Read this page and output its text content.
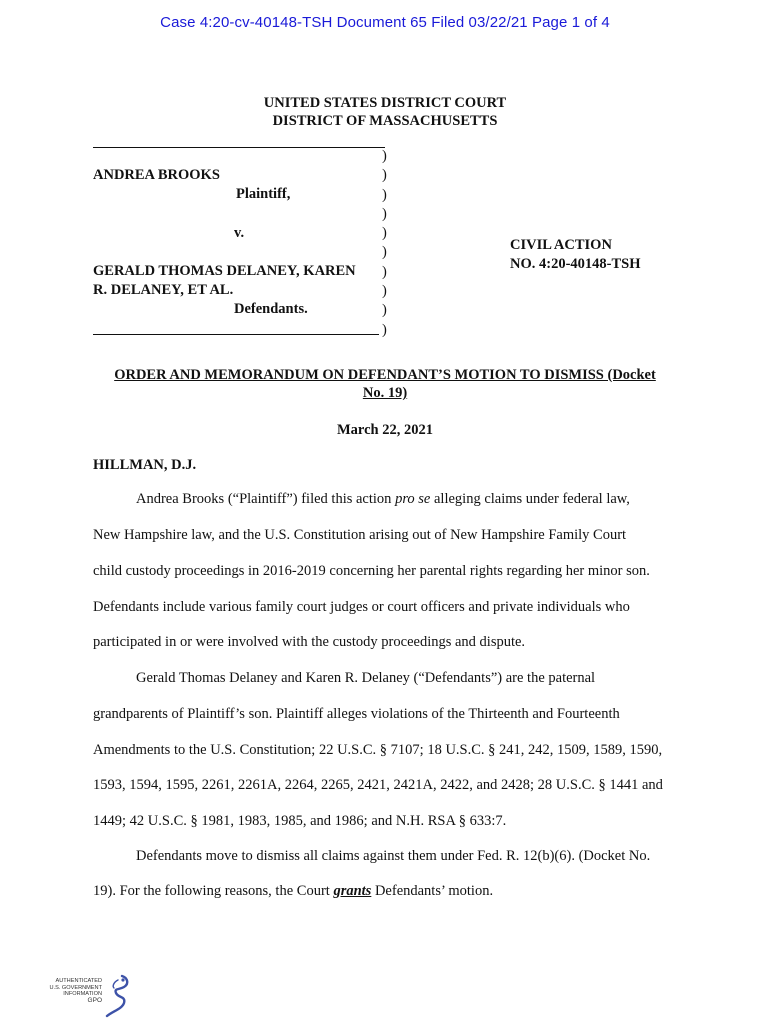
Case 4:20-cv-40148-TSH Document 65 Filed 03/22/21 Page 1 of 4
UNITED STATES DISTRICT COURT
DISTRICT OF MASSACHUSETTS
ANDREA BROOKS
Plaintiff,
v.
GERALD THOMAS DELANEY, KAREN
R. DELANEY, ET AL.
Defendants.
)
)
)
)
)
)
)
)
)
)
CIVIL ACTION
NO. 4:20-40148-TSH
ORDER AND MEMORANDUM ON DEFENDANT’S MOTION TO DISMISS (Docket
No. 19)
March 22, 2021
HILLMAN, D.J.
Andrea Brooks (“Plaintiff”) filed this action pro se alleging claims under federal law,
New Hampshire law, and the U.S. Constitution arising out of New Hampshire Family Court
child custody proceedings in 2016-2019 concerning her parental rights regarding her minor son.
Defendants include various family court judges or court officers and private individuals who
participated in or were involved with the custody proceedings and dispute.
Gerald Thomas Delaney and Karen R. Delaney (“Defendants”) are the paternal
grandparents of Plaintiff’s son. Plaintiff alleges violations of the Thirteenth and Fourteenth
Amendments to the U.S. Constitution; 22 U.S.C. § 7107; 18 U.S.C. § 241, 242, 1509, 1589, 1590,
1593, 1594, 1595, 2261, 2261A, 2264, 2265, 2421, 2421A, 2422, and 2428; 28 U.S.C. § 1441 and
1449; 42 U.S.C. § 1981, 1983, 1985, and 1986; and N.H. RSA § 633:7.
Defendants move to dismiss all claims against them under Fed. R. 12(b)(6). (Docket No.
19). For the following reasons, the Court grants Defendants’ motion.
AUTHENTICATED
U.S. GOVERNMENT
INFORMATION
GPO
